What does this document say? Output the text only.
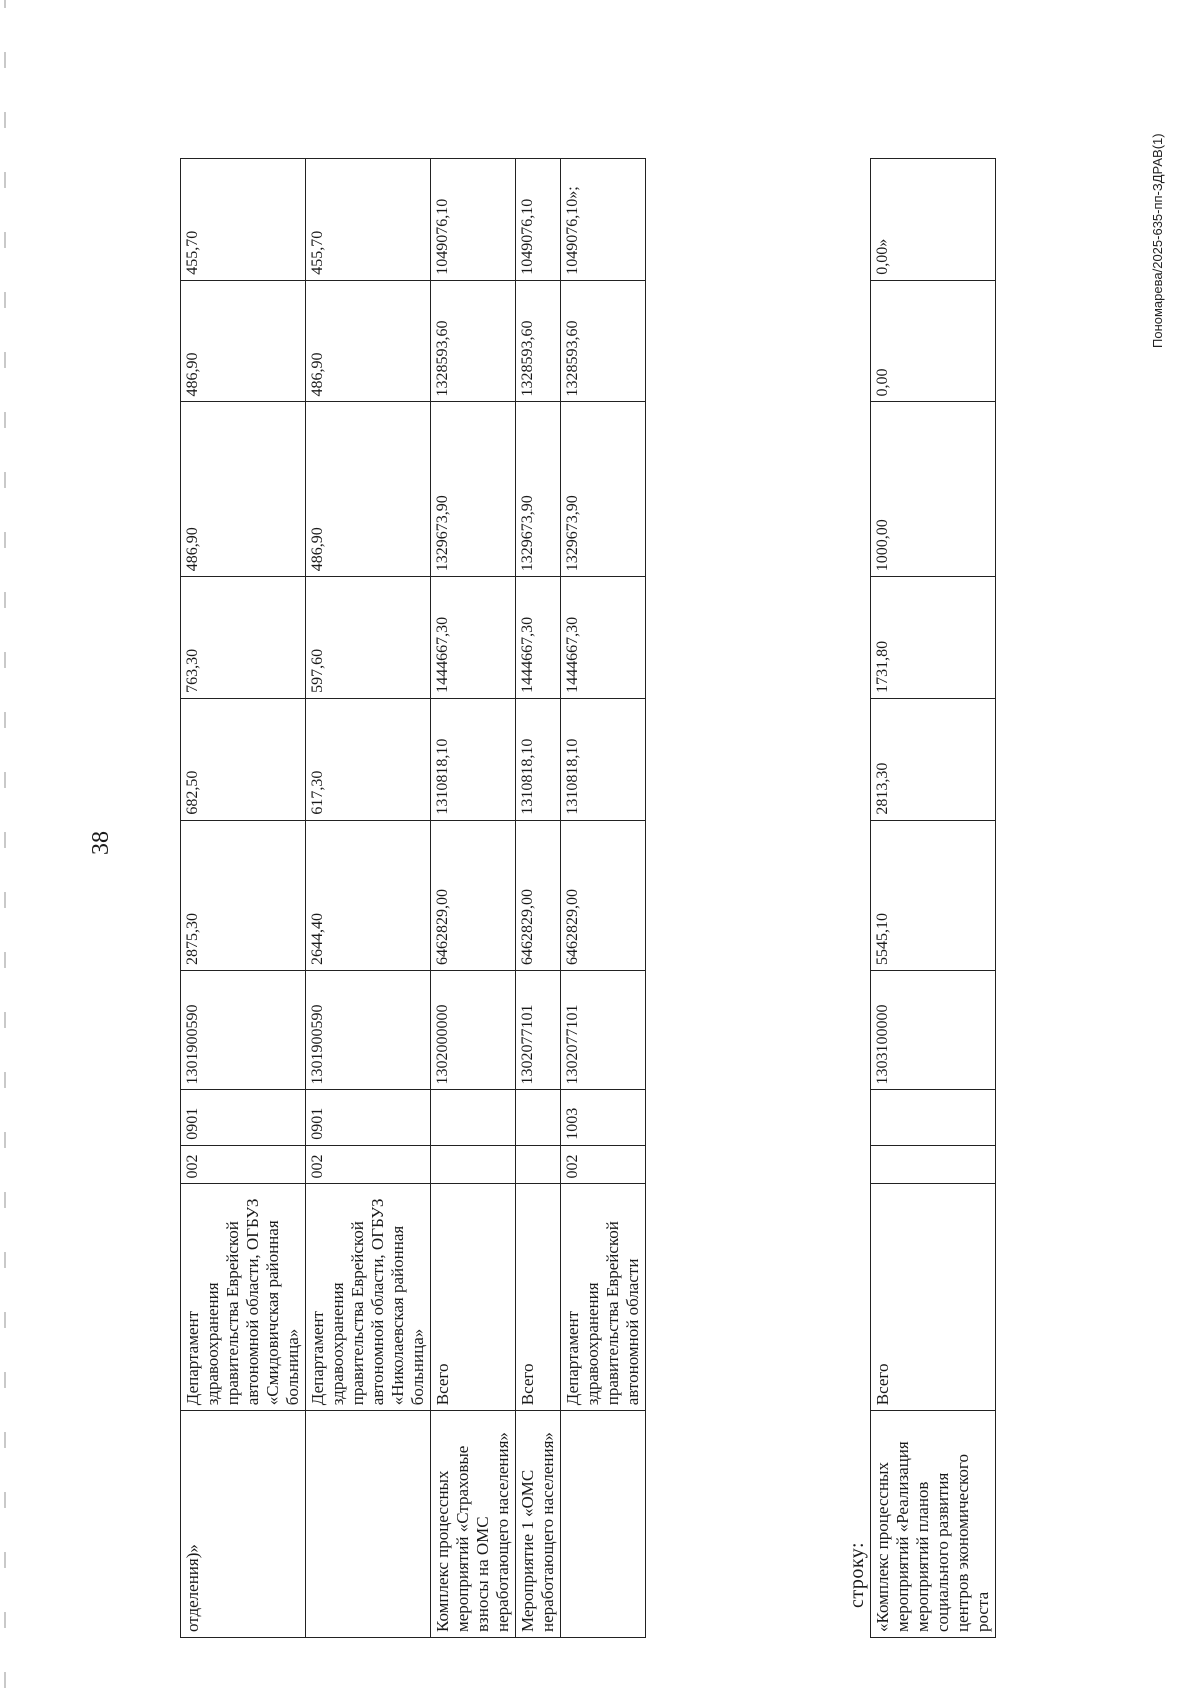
38
отделения)»	Департамент здравоохранения правительства Еврейской автономной области, ОГБУЗ «Смидовичская районная больница»	002	0901	1301900590	2875,30	682,50	763,30	486,90	486,90	455,70
	Департамент здравоохранения правительства Еврейской автономной области, ОГБУЗ «Николаевская районная больница»	002	0901	1301900590	2644,40	617,30	597,60	486,90	486,90	455,70
Комплекс процессных мероприятий «Страховые взносы на ОМС неработающего населения»	Всего			1302000000	6462829,00	1310818,10	1444667,30	1329673,90	1328593,60	1049076,10
Мероприятие 1 «ОМС неработающего населения»	Всего			1302077101	6462829,00	1310818,10	1444667,30	1329673,90	1328593,60	1049076,10
	Департамент здравоохранения правительства Еврейской автономной области	002	1003	1302077101	6462829,00	1310818,10	1444667,30	1329673,90	1328593,60	1049076,10»;
строку: «Комплекс процессных мероприятий «Реализация мероприятий планов социального развития центров экономического роста	Всего			1303100000	5545,10	2813,30	1731,80	1000,00	0,00	0,00»	Пономарева/2025-635-пп-ЗДРАВ(1)
